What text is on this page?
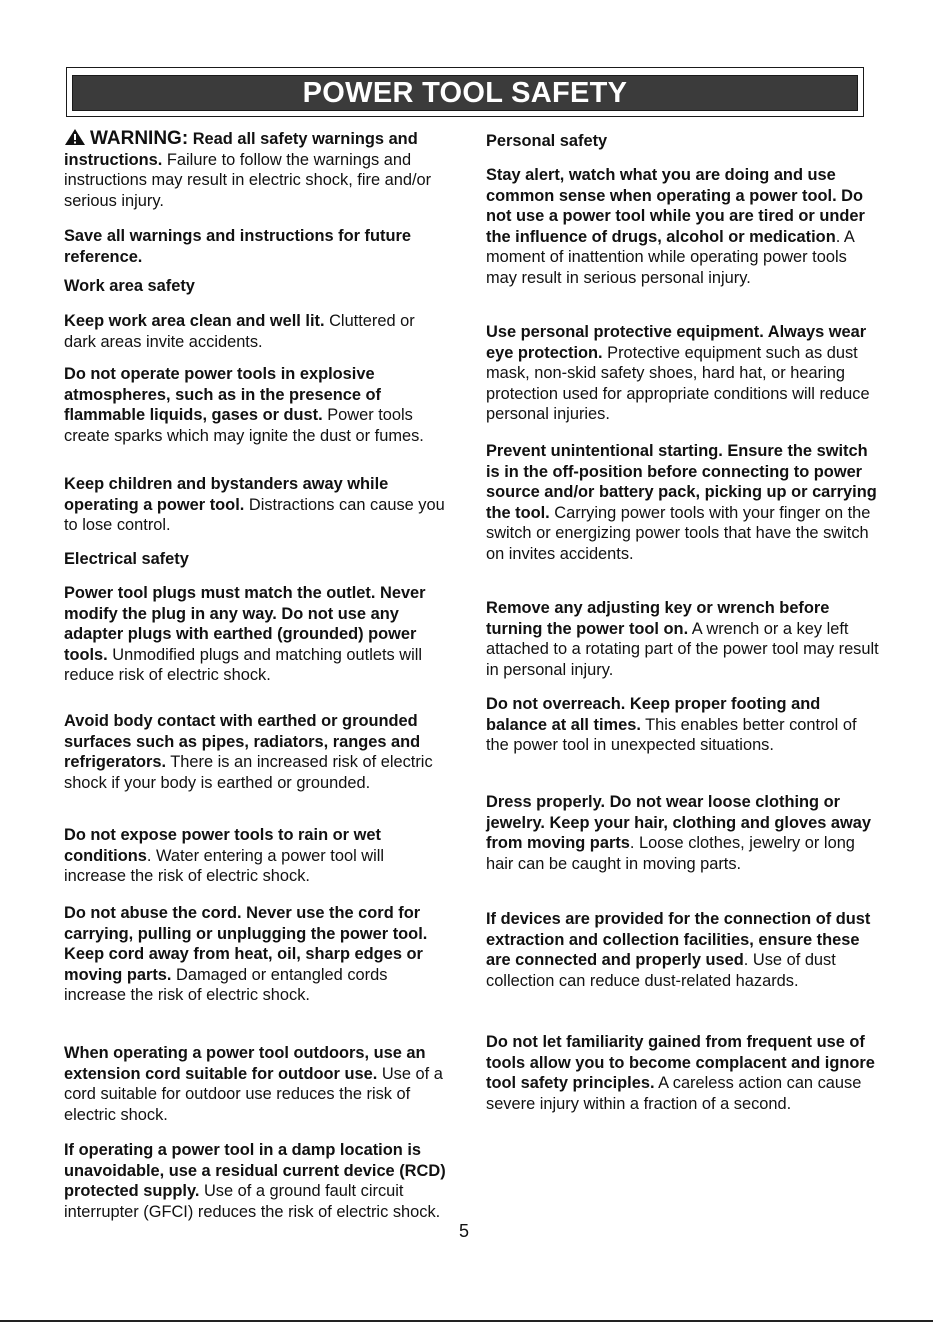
POWER TOOL SAFETY

WARNING: Read all safety warnings and instructions. Failure to follow the warnings and instructions may result in electric shock, fire and/or serious injury.

Save all warnings and instructions for future reference.

Work area safety

Keep work area clean and well lit. Cluttered or dark areas invite accidents.

Do not operate power tools in explosive atmospheres, such as in the presence of flammable liquids, gases or dust. Power tools create sparks which may ignite the dust or fumes.

Keep children and bystanders away while operating a power tool. Distractions can cause you to lose control.

Electrical safety

Power tool plugs must match the outlet. Never modify the plug in any way. Do not use any adapter plugs with earthed (grounded) power tools. Unmodified plugs and matching outlets will reduce risk of electric shock.

Avoid body contact with earthed or grounded surfaces such as pipes, radiators, ranges and refrigerators. There is an increased risk of electric shock if your body is earthed or grounded.

Do not expose power tools to rain or wet conditions. Water entering a power tool will increase the risk of electric shock.

Do not abuse the cord. Never use the cord for carrying, pulling or unplugging the power tool. Keep cord away from heat, oil, sharp edges or moving parts. Damaged or entangled cords increase the risk of electric shock.

When operating a power tool outdoors, use an extension cord suitable for outdoor use. Use of a cord suitable for outdoor use reduces the risk of electric shock.

If operating a power tool in a damp location is unavoidable, use a residual current device (RCD) protected supply. Use of a ground fault circuit interrupter (GFCI) reduces the risk of electric shock.

Personal safety

Stay alert, watch what you are doing and use common sense when operating a power tool. Do not use a power tool while you are tired or under the influence of drugs, alcohol or medication. A moment of inattention while operating power tools may result in serious personal injury.

Use personal protective equipment. Always wear eye protection. Protective equipment such as dust mask, non-skid safety shoes, hard hat, or hearing protection used for appropriate conditions will reduce personal injuries.

Prevent unintentional starting. Ensure the switch is in the off-position before connecting to power source and/or battery pack, picking up or carrying the tool. Carrying power tools with your finger on the switch or energizing power tools that have the switch on invites accidents.

Remove any adjusting key or wrench before turning the power tool on. A wrench or a key left attached to a rotating part of the power tool may result in personal injury.

Do not overreach. Keep proper footing and balance at all times. This enables better control of the power tool in unexpected situations.

Dress properly. Do not wear loose clothing or jewelry. Keep your hair, clothing and gloves away from moving parts. Loose clothes, jewelry or long hair can be caught in moving parts.

If devices are provided for the connection of dust extraction and collection facilities, ensure these are connected and properly used. Use of dust collection can reduce dust-related hazards.

Do not let familiarity gained from frequent use of tools allow you to become complacent and ignore tool safety principles. A careless action can cause severe injury within a fraction of a second.

5
